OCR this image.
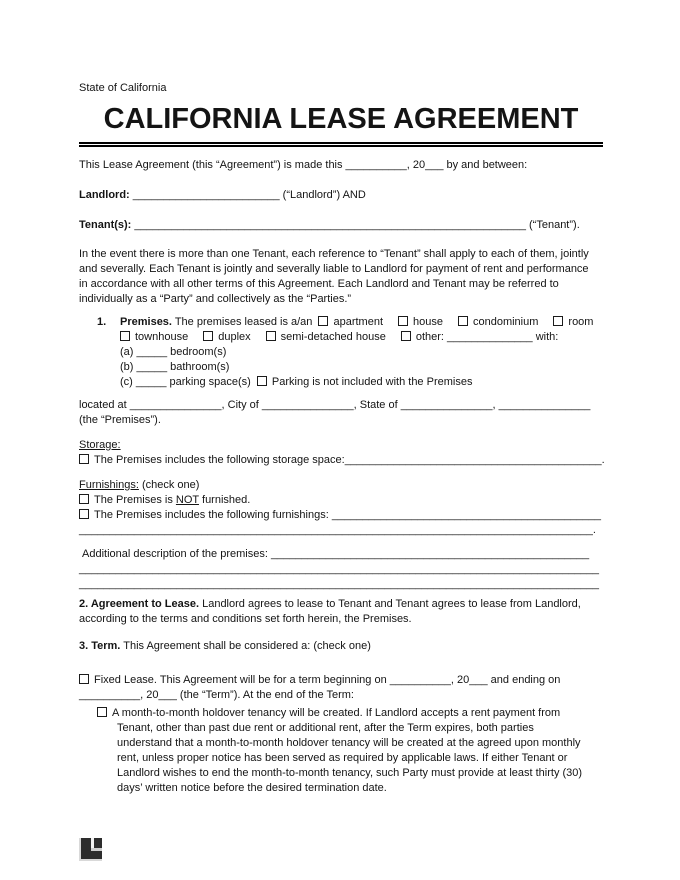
State of California
CALIFORNIA LEASE AGREEMENT
This Lease Agreement (this “Agreement”) is made this __________, 20___ by and between:
Landlord: ________________________ (“Landlord”) AND
Tenant(s): ________________________________________________________________ (“Tenant”).
In the event there is more than one Tenant, each reference to “Tenant” shall apply to each of them, jointly
and severally. Each Tenant is jointly and severally liable to Landlord for payment of rent and performance
in accordance with all other terms of this Agreement. Each Landlord and Tenant may be referred to
individually as a “Party” and collectively as the “Parties.”
1. Premises. The premises leased is a/an apartment	house	condominium	room
townhouse	duplex	semi-detached house	other: ______________ with:
(a) _____ bedroom(s)
(b) _____ bathroom(s)
(c) _____ parking space(s) Parking is not included with the Premises
located at _______________, City of _______________, State of _______________, _______________
(the “Premises”).
Storage:
The Premises includes the following storage space:__________________________________________.
Furnishings: (check one)
The Premises is NOT furnished.
The Premises includes the following furnishings: ____________________________________________
____________________________________________________________________________________.
Additional description of the premises: ____________________________________________________
_____________________________________________________________________________________
_____________________________________________________________________________________
2. Agreement to Lease. Landlord agrees to lease to Tenant and Tenant agrees to lease from Landlord,
according to the terms and conditions set forth herein, the Premises.
3. Term. This Agreement shall be considered a: (check one)
Fixed Lease. This Agreement will be for a term beginning on __________, 20___ and ending on
__________, 20___ (the “Term”). At the end of the Term:
A month-to-month holdover tenancy will be created. If Landlord accepts a rent payment from
Tenant, other than past due rent or additional rent, after the Term expires, both parties
understand that a month-to-month holdover tenancy will be created at the agreed upon monthly
rent, unless proper notice has been served as required by applicable laws. If either Tenant or
Landlord wishes to end the month-to-month tenancy, such Party must provide at least thirty (30)
days’ written notice before the desired termination date.
